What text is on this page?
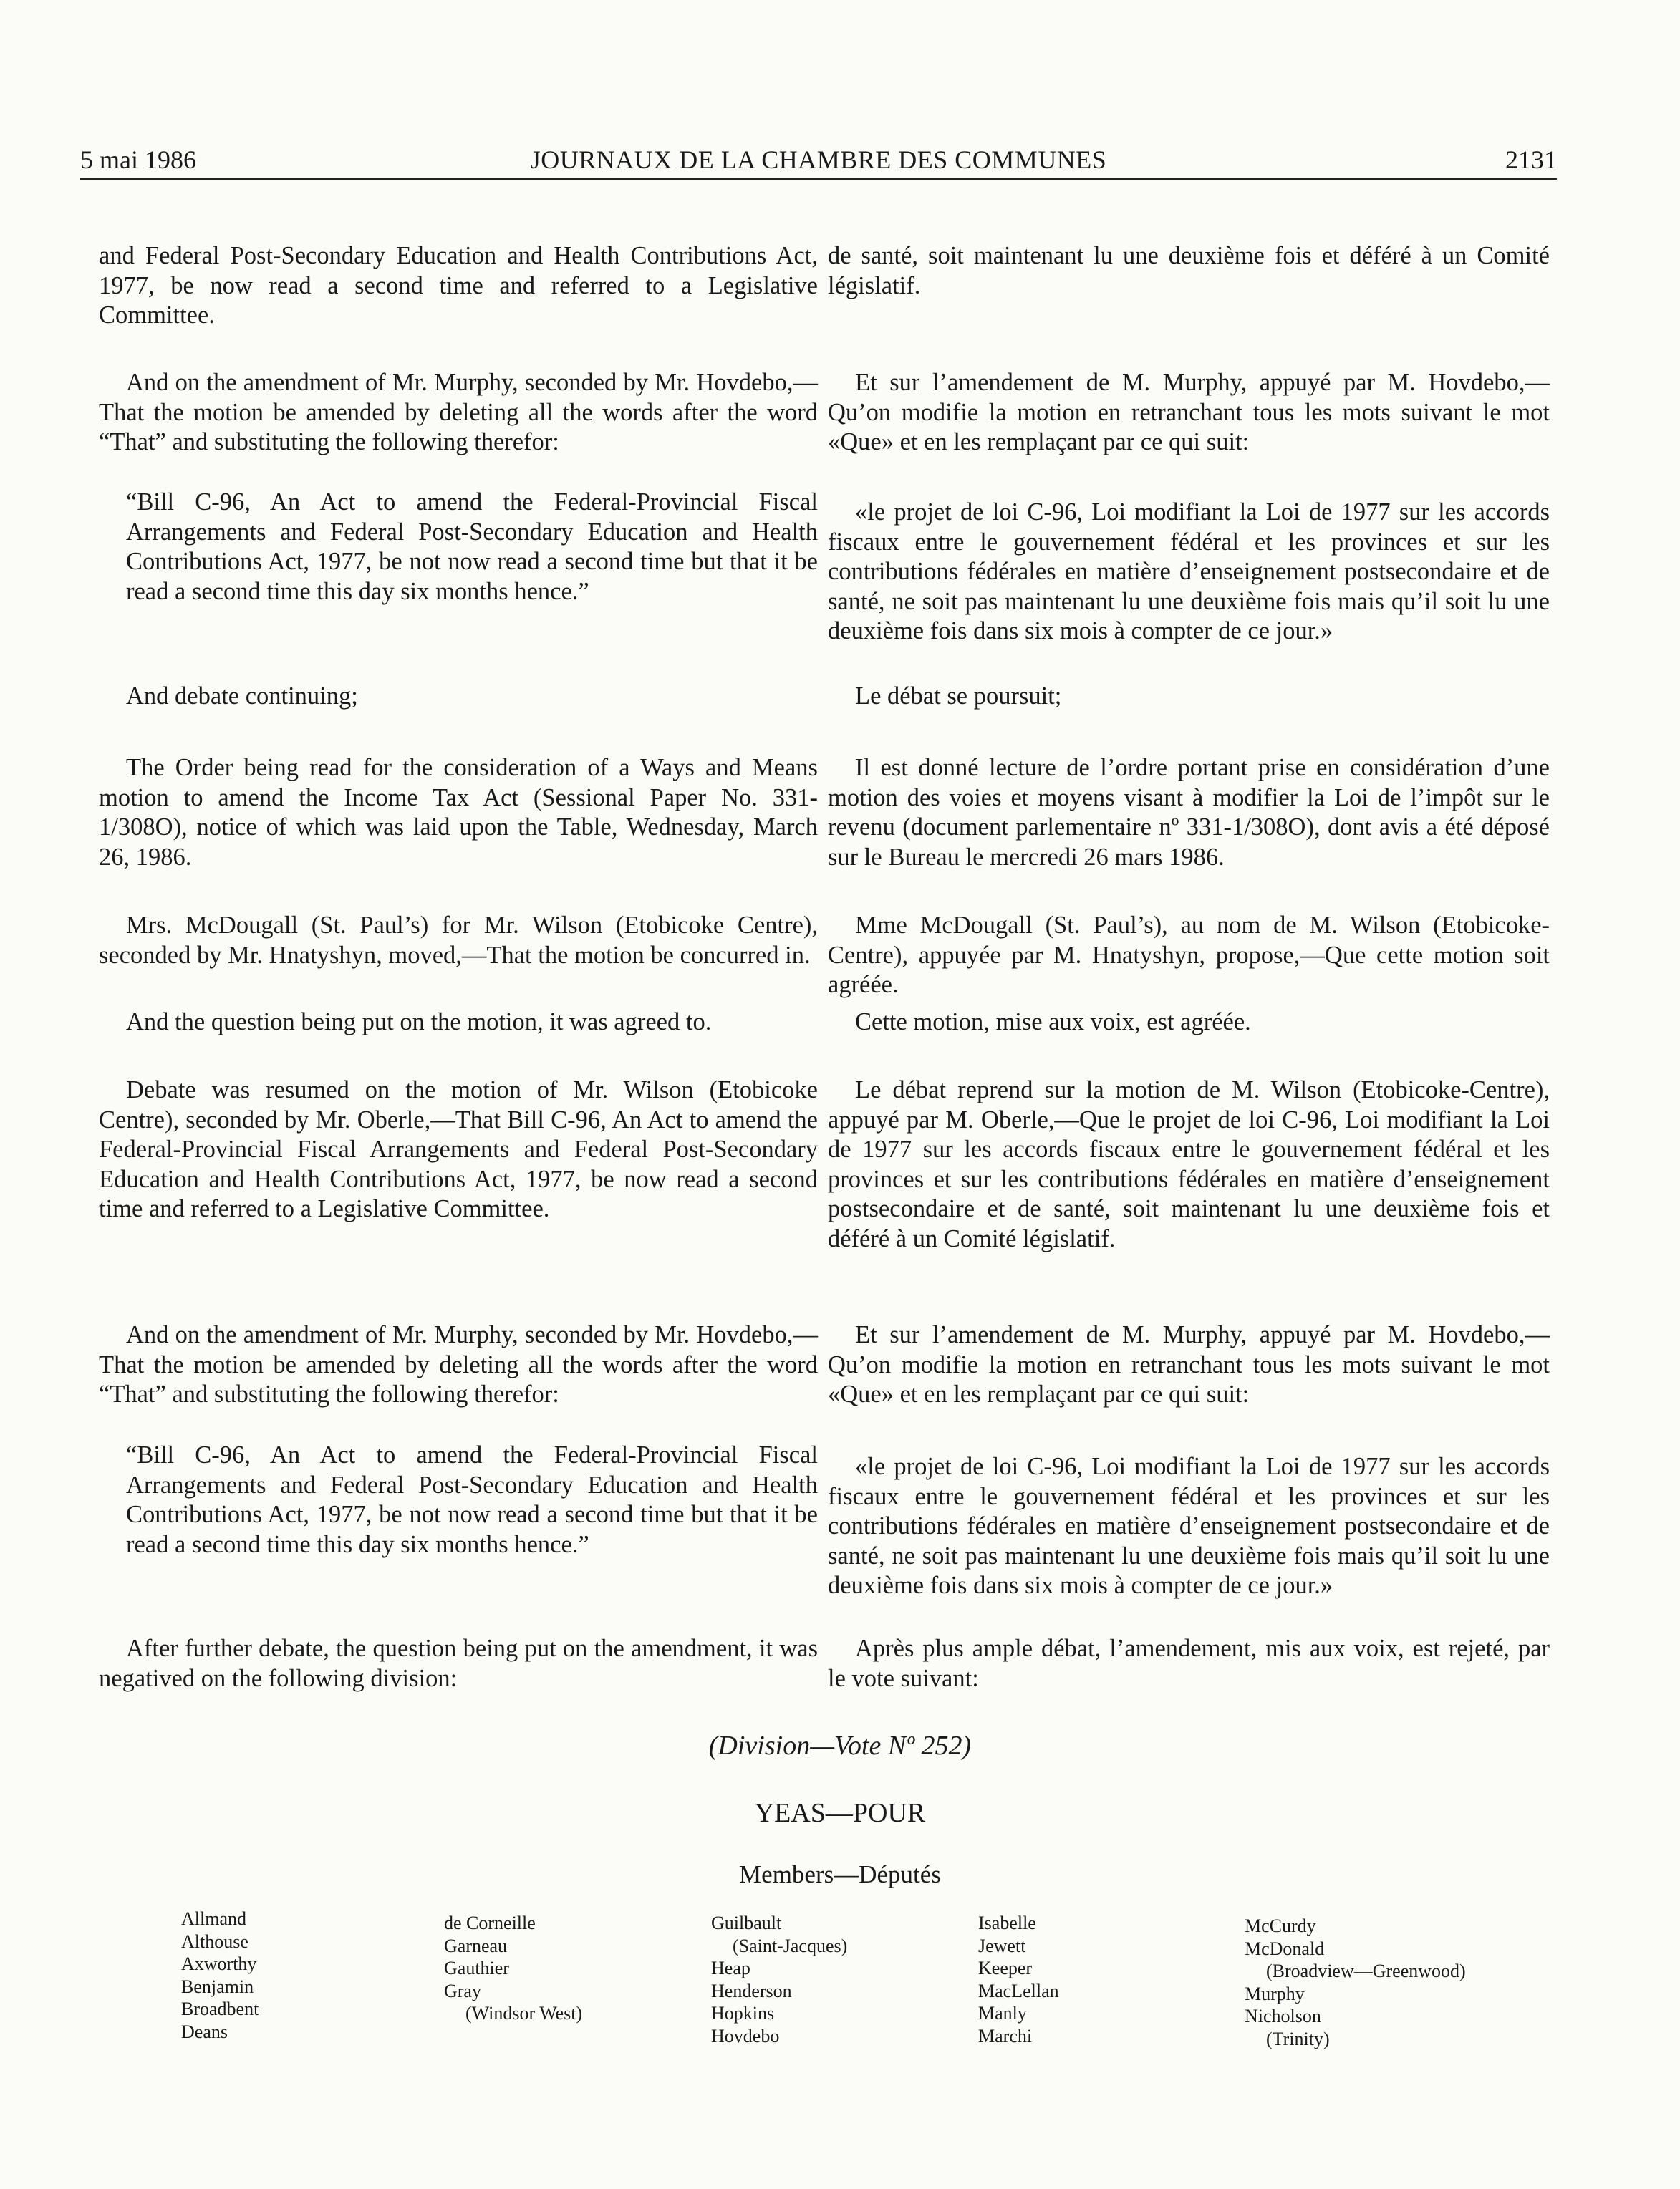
5 mai 1986	JOURNAUX DE LA CHAMBRE DES COMMUNES	2131

and Federal Post-Secondary Education and Health Contributions Act, 1977, be now read a second time and referred to a Legislative Committee.

And on the amendment of Mr. Murphy, seconded by Mr. Hovdebo,—That the motion be amended by deleting all the words after the word “That” and substituting the following therefor:

“Bill C-96, An Act to amend the Federal-Provincial Fiscal Arrangements and Federal Post-Secondary Education and Health Contributions Act, 1977, be not now read a second time but that it be read a second time this day six months hence.”

And debate continuing;

The Order being read for the consideration of a Ways and Means motion to amend the Income Tax Act (Sessional Paper No. 331-1/308O), notice of which was laid upon the Table, Wednesday, March 26, 1986.

Mrs. McDougall (St. Paul’s) for Mr. Wilson (Etobicoke Centre), seconded by Mr. Hnatyshyn, moved,—That the motion be concurred in.

And the question being put on the motion, it was agreed to.

Debate was resumed on the motion of Mr. Wilson (Etobicoke Centre), seconded by Mr. Oberle,—That Bill C-96, An Act to amend the Federal-Provincial Fiscal Arrangements and Federal Post-Secondary Education and Health Contributions Act, 1977, be now read a second time and referred to a Legislative Committee.

And on the amendment of Mr. Murphy, seconded by Mr. Hovdebo,—That the motion be amended by deleting all the words after the word “That” and substituting the following therefor:

“Bill C-96, An Act to amend the Federal-Provincial Fiscal Arrangements and Federal Post-Secondary Education and Health Contributions Act, 1977, be not now read a second time but that it be read a second time this day six months hence.”

After further debate, the question being put on the amendment, it was negatived on the following division:

de santé, soit maintenant lu une deuxième fois et déféré à un Comité législatif.

Et sur l’amendement de M. Murphy, appuyé par M. Hovdebo,—Qu’on modifie la motion en retranchant tous les mots suivant le mot «Que» et en les remplaçant par ce qui suit:

«le projet de loi C-96, Loi modifiant la Loi de 1977 sur les accords fiscaux entre le gouvernement fédéral et les provinces et sur les contributions fédérales en matière d’enseignement postsecondaire et de santé, ne soit pas maintenant lu une deuxième fois mais qu’il soit lu une deuxième fois dans six mois à compter de ce jour.»

Le débat se poursuit;

Il est donné lecture de l’ordre portant prise en considération d’une motion des voies et moyens visant à modifier la Loi de l’impôt sur le revenu (document parlementaire nº 331-1/308O), dont avis a été déposé sur le Bureau le mercredi 26 mars 1986.

Mme McDougall (St. Paul’s), au nom de M. Wilson (Etobicoke-Centre), appuyée par M. Hnatyshyn, propose,—Que cette motion soit agréée.

Cette motion, mise aux voix, est agréée.

Le débat reprend sur la motion de M. Wilson (Etobicoke-Centre), appuyé par M. Oberle,—Que le projet de loi C-96, Loi modifiant la Loi de 1977 sur les accords fiscaux entre le gouvernement fédéral et les provinces et sur les contributions fédérales en matière d’enseignement postsecondaire et de santé, soit maintenant lu une deuxième fois et déféré à un Comité législatif.

Et sur l’amendement de M. Murphy, appuyé par M. Hovdebo,—Qu’on modifie la motion en retranchant tous les mots suivant le mot «Que» et en les remplaçant par ce qui suit:

«le projet de loi C-96, Loi modifiant la Loi de 1977 sur les accords fiscaux entre le gouvernement fédéral et les provinces et sur les contributions fédérales en matière d’enseignement postsecondaire et de santé, ne soit pas maintenant lu une deuxième fois mais qu’il soit lu une deuxième fois dans six mois à compter de ce jour.»

Après plus ample débat, l’amendement, mis aux voix, est rejeté, par le vote suivant:

(Division—Vote Nº 252)
YEAS—POUR
Members—Députés
Allmand
Althouse
Axworthy
Benjamin
Broadbent
Deans
de Corneille
Garneau
Gauthier
Gray
(Windsor West)
Guilbault
(Saint-Jacques)
Heap
Henderson
Hopkins
Hovdebo
Isabelle
Jewett
Keeper
MacLellan
Manly
Marchi
McCurdy
McDonald
(Broadview—Greenwood)
Murphy
Nicholson
(Trinity)
